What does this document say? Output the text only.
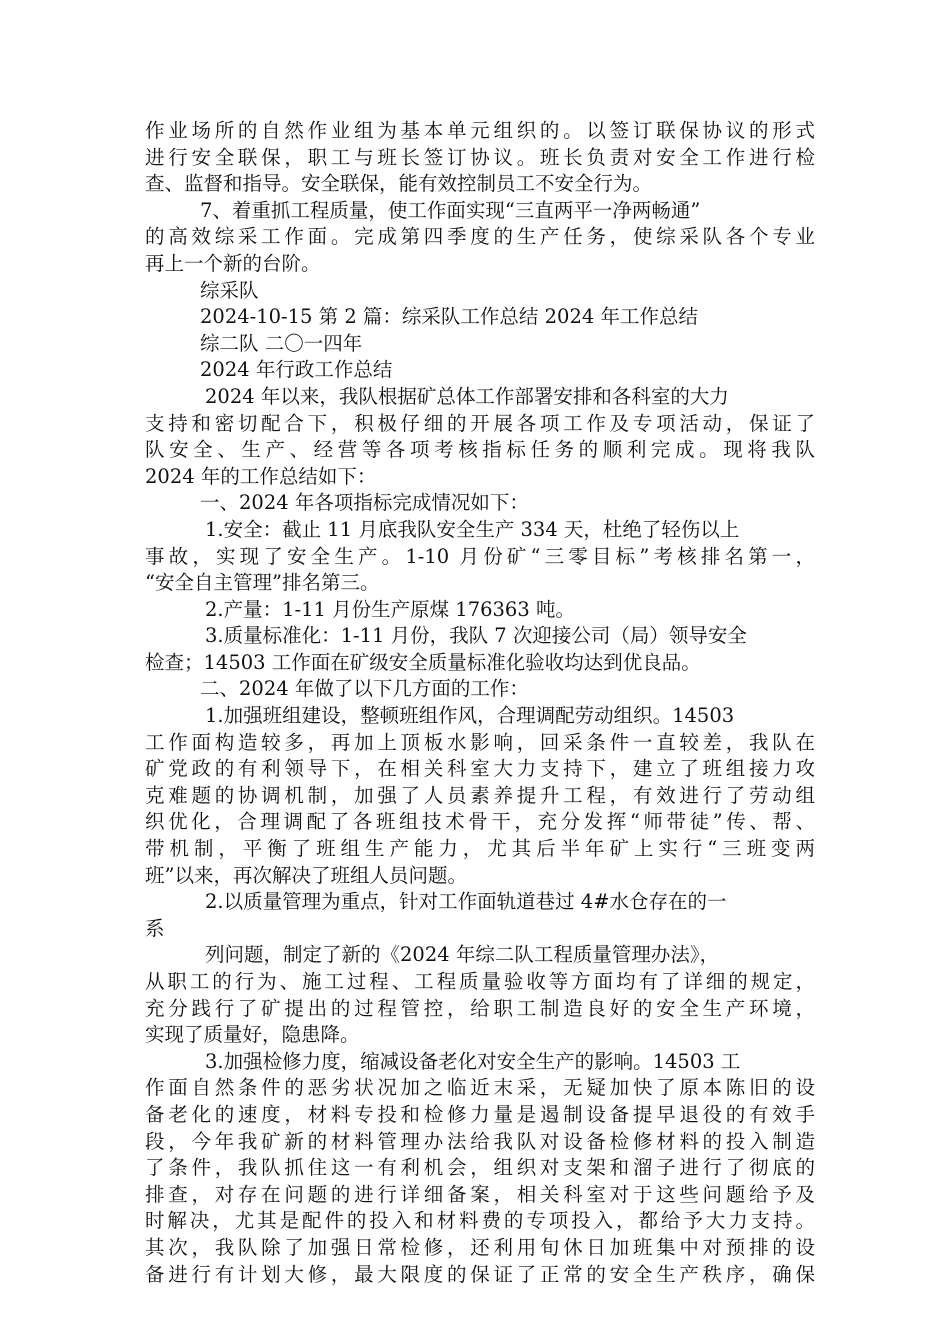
作业场所的自然作业组为基本单元组织的。以签订联保协议的形式
进行安全联保，职工与班长签订协议。班长负责对安全工作进行检
查、监督和指导。安全联保，能有效控制员工不安全行为。
7、着重抓工程质量，使工作面实现“三直两平一净两畅通”
的高效综采工作面。完成第四季度的生产任务，使综采队各个专业
再上一个新的台阶。
综采队
2024-10-15 第 2 篇：综采队工作总结 2024 年工作总结
综二队 二〇一四年
2024 年行政工作总结
2024 年以来，我队根据矿总体工作部署安排和各科室的大力
支持和密切配合下，积极仔细的开展各项工作及专项活动，保证了
队安全、生产、经营等各项考核指标任务的顺利完成。现将我队
2024 年的工作总结如下：
一、2024 年各项指标完成情况如下：
1.安全：截止 11 月底我队安全生产 334 天，杜绝了轻伤以上
事故，实现了安全生产。1-10 月份矿“三零目标”考核排名第一，
“安全自主管理”排名第三。
2.产量：1-11 月份生产原煤 176363 吨。
3.质量标准化：1-11 月份，我队 7 次迎接公司（局）领导安全
检查；14503 工作面在矿级安全质量标准化验收均达到优良品。
二、2024 年做了以下几方面的工作：
1.加强班组建设，整顿班组作风，合理调配劳动组织。14503
工作面构造较多，再加上顶板水影响，回采条件一直较差，我队在
矿党政的有利领导下，在相关科室大力支持下，建立了班组接力攻
克难题的协调机制，加强了人员素养提升工程，有效进行了劳动组
织优化，合理调配了各班组技术骨干，充分发挥“师带徒”传、帮、
带机制，平衡了班组生产能力，尤其后半年矿上实行“三班变两
班”以来，再次解决了班组人员问题。
2.以质量管理为重点，针对工作面轨道巷过 4#水仓存在的一
系
列问题，制定了新的《2024 年综二队工程质量管理办法》，
从职工的行为、施工过程、工程质量验收等方面均有了详细的规定，
充分践行了矿提出的过程管控，给职工制造良好的安全生产环境，
实现了质量好，隐患降。
3.加强检修力度，缩减设备老化对安全生产的影响。14503 工
作面自然条件的恶劣状况加之临近末采，无疑加快了原本陈旧的设
备老化的速度，材料专投和检修力量是遏制设备提早退役的有效手
段，今年我矿新的材料管理办法给我队对设备检修材料的投入制造
了条件，我队抓住这一有利机会，组织对支架和溜子进行了彻底的
排查，对存在问题的进行详细备案，相关科室对于这些问题给予及
时解决，尤其是配件的投入和材料费的专项投入，都给予大力支持。
其次，我队除了加强日常检修，还利用旬休日加班集中对预排的设
备进行有计划大修，最大限度的保证了正常的安全生产秩序，确保
